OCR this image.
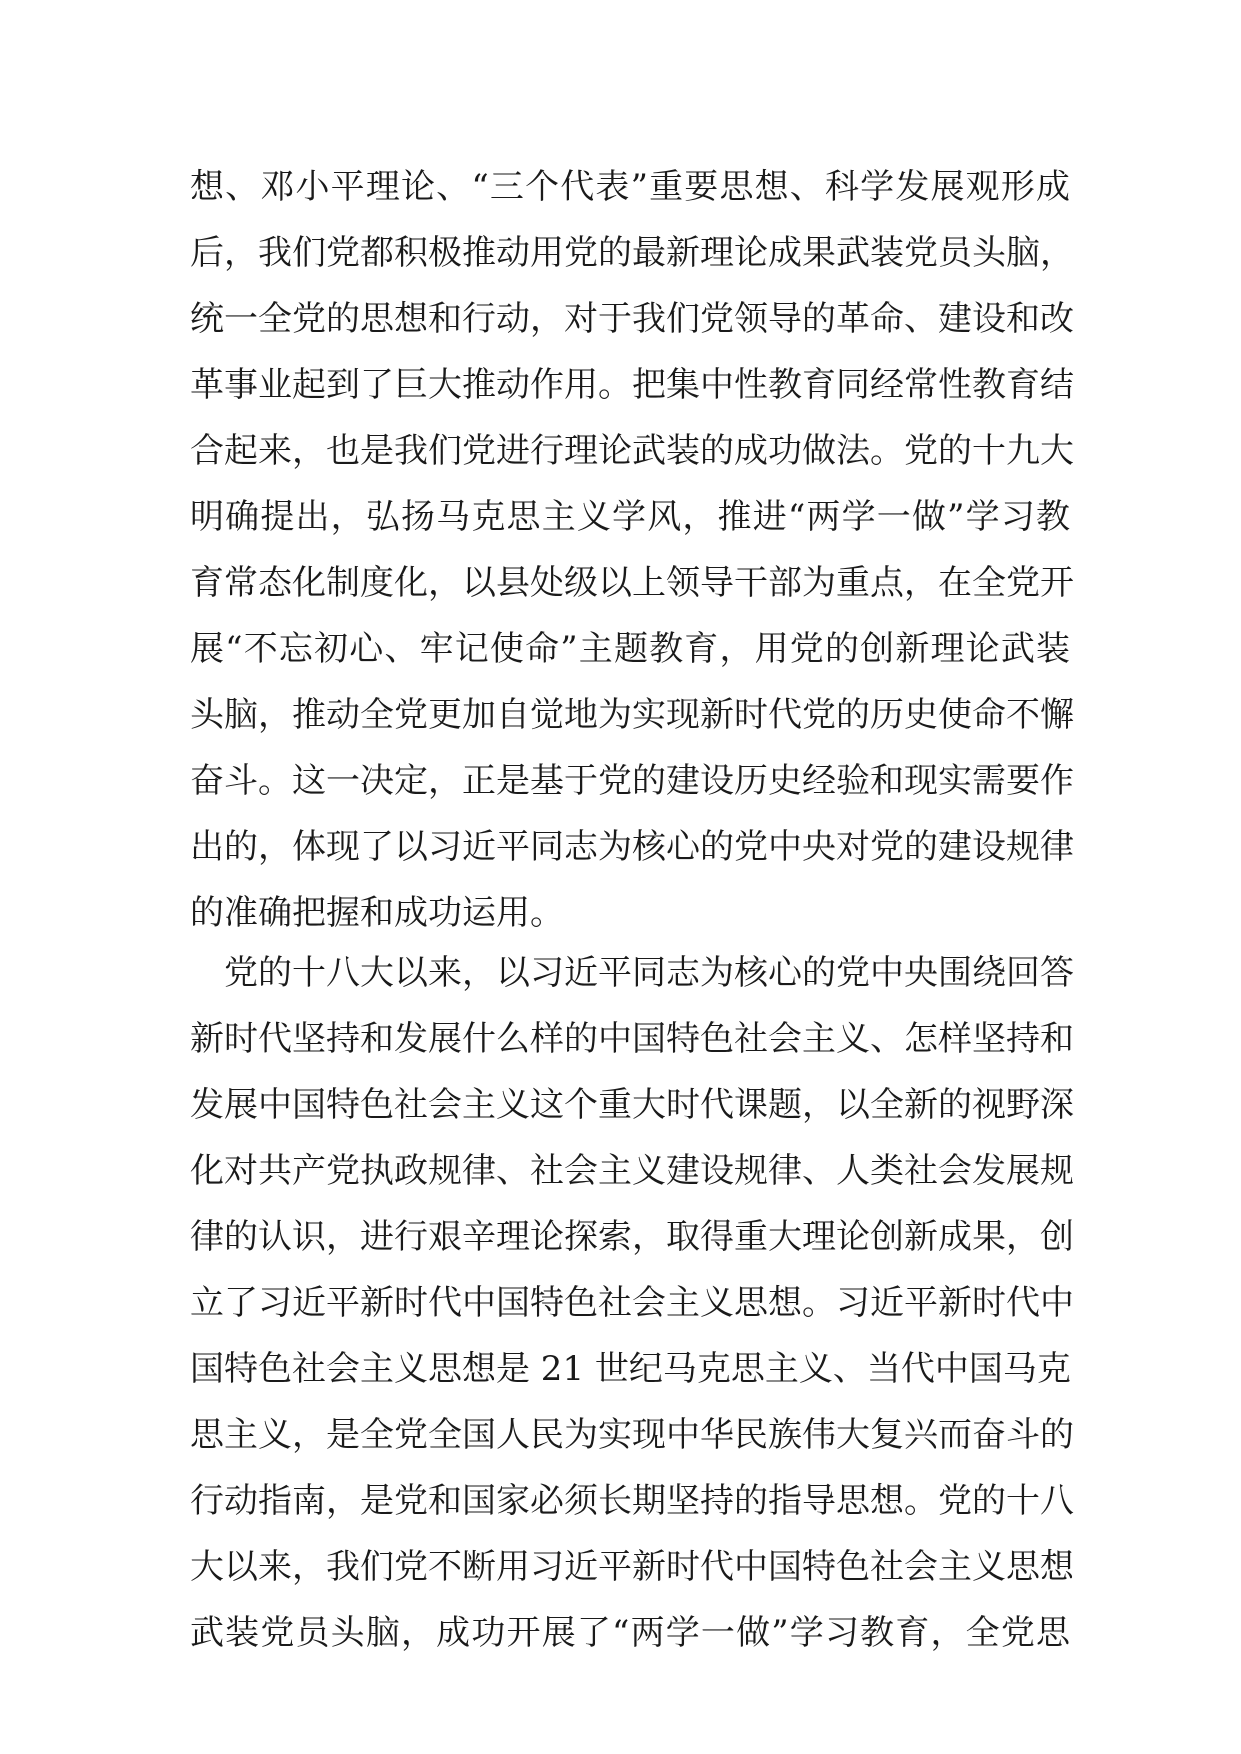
想、邓小平理论、“三个代表”重要思想、科学发展观形成
后，我们党都积极推动用党的最新理论成果武装党员头脑，
统一全党的思想和行动，对于我们党领导的革命、建设和改
革事业起到了巨大推动作用。把集中性教育同经常性教育结
合起来，也是我们党进行理论武装的成功做法。党的十九大
明确提出，弘扬马克思主义学风，推进“两学一做”学习教
育常态化制度化，以县处级以上领导干部为重点，在全党开
展“不忘初心、牢记使命”主题教育，用党的创新理论武装
头脑，推动全党更加自觉地为实现新时代党的历史使命不懈
奋斗。这一决定，正是基于党的建设历史经验和现实需要作
出的，体现了以习近平同志为核心的党中央对党的建设规律
的准确把握和成功运用。
党的十八大以来，以习近平同志为核心的党中央围绕回答
新时代坚持和发展什么样的中国特色社会主义、怎样坚持和
发展中国特色社会主义这个重大时代课题，以全新的视野深
化对共产党执政规律、社会主义建设规律、人类社会发展规
律的认识，进行艰辛理论探索，取得重大理论创新成果，创
立了习近平新时代中国特色社会主义思想。习近平新时代中
国特色社会主义思想是 21 世纪马克思主义、当代中国马克
思主义，是全党全国人民为实现中华民族伟大复兴而奋斗的
行动指南，是党和国家必须长期坚持的指导思想。党的十八
大以来，我们党不断用习近平新时代中国特色社会主义思想
武装党员头脑，成功开展了“两学一做”学习教育，全党思
